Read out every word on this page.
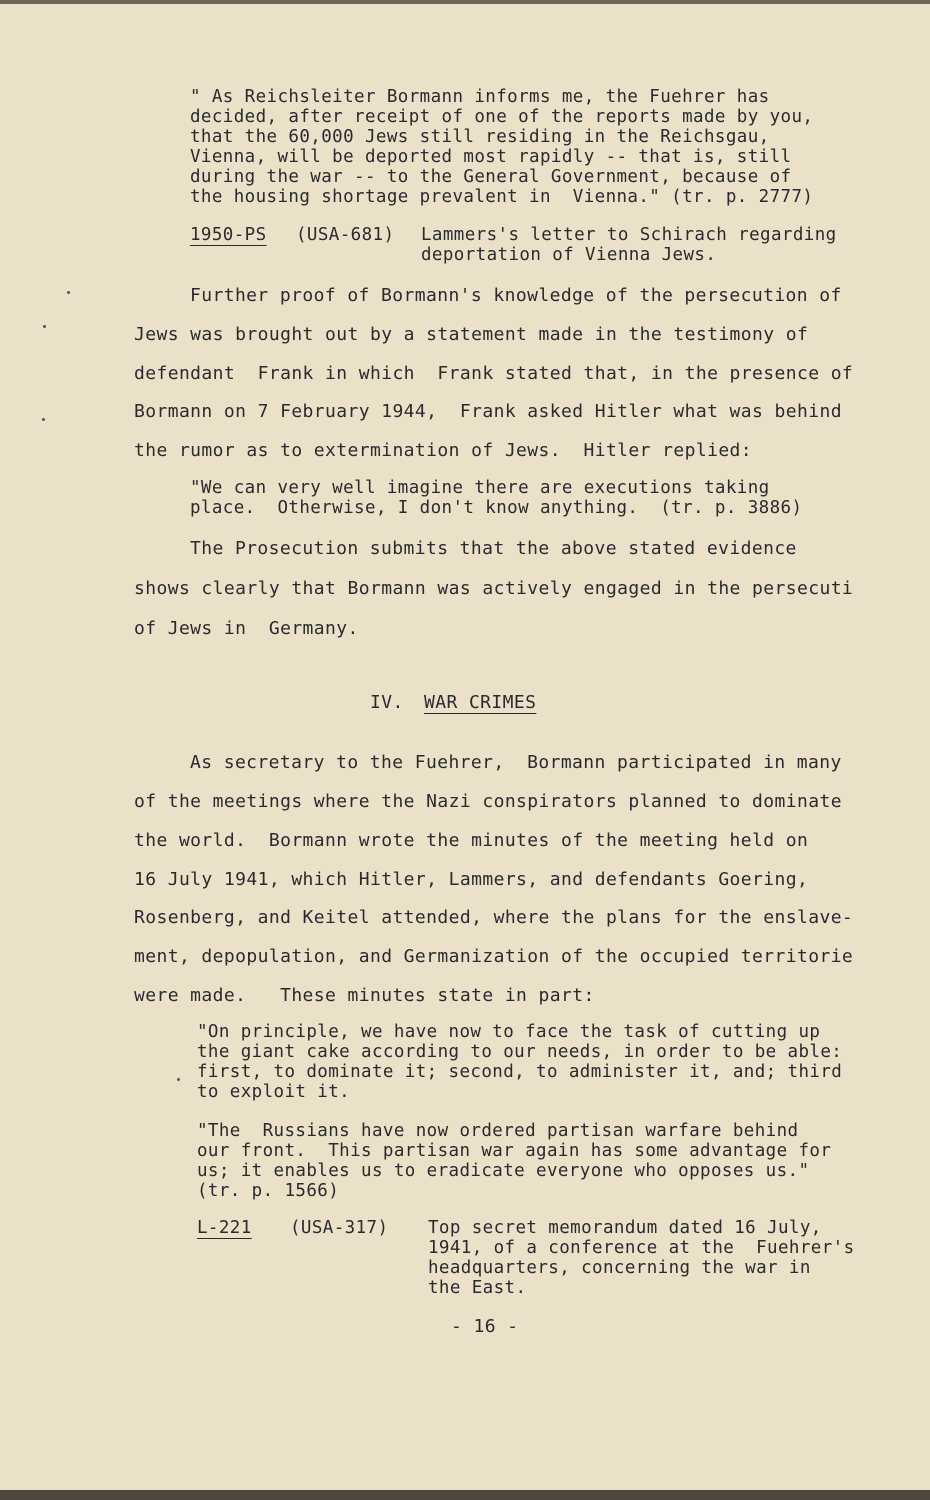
" As Reichsleiter Bormann informs me, the Fuehrer has
decided, after receipt of one of the reports made by you,
that the 60,000 Jews still residing in the Reichsgau,
Vienna, will be deported most rapidly -- that is, still
during the war -- to the General Government, because of
the housing shortage prevalent in  Vienna." (tr. p. 2777)
1950-PS (USA-681) Lammers's letter to Schirach regarding
deportation of Vienna Jews.
Further proof of Bormann's knowledge of the persecution of
Jews was brought out by a statement made in the testimony of
defendant  Frank in which  Frank stated that, in the presence of
Bormann on 7 February 1944,  Frank asked Hitler what was behind
the rumor as to extermination of Jews.  Hitler replied:
"We can very well imagine there are executions taking
place.  Otherwise, I don't know anything.  (tr. p. 3886)
The Prosecution submits that the above stated evidence
shows clearly that Bormann was actively engaged in the persecuti
of Jews in  Germany.
IV. WAR CRIMES
As secretary to the Fuehrer,  Bormann participated in many
of the meetings where the Nazi conspirators planned to dominate
the world.  Bormann wrote the minutes of the meeting held on
16 July 1941, which Hitler, Lammers, and defendants Goering,
Rosenberg, and Keitel attended, where the plans for the enslave-
ment, depopulation, and Germanization of the occupied territorie
were made.   These minutes state in part:
"On principle, we have now to face the task of cutting up
the giant cake according to our needs, in order to be able:
first, to dominate it; second, to administer it, and; third
to exploit it.
"The  Russians have now ordered partisan warfare behind
our front.  This partisan war again has some advantage for
us; it enables us to eradicate everyone who opposes us."
(tr. p. 1566)
L-221 (USA-317) Top secret memorandum dated 16 July,
1941, of a conference at the  Fuehrer's
headquarters, concerning the war in
the East.
- 16 -
